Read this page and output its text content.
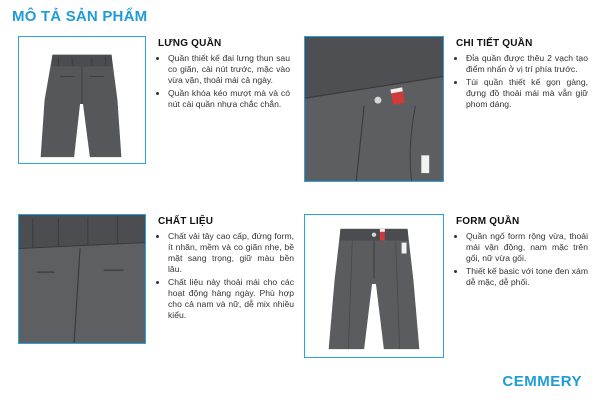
MÔ TẢ SẢN PHẨM
LƯNG QUẦN
• Quần thiết kế đai lưng thun sau co giãn, cài nút trước, mặc vào vừa vặn, thoải mái cả ngày.
• Quần khóa kéo mượt mà và có nút cài quần nhựa chắc chắn.
CHI TIẾT QUẦN
• Đỉa quần được thêu 2 vạch tạo điểm nhấn ở vị trí phía trước.
• Túi quần thiết kế gọn gàng, đựng đồ thoải mái mà vẫn giữ phom dáng.
CHẤT LIỆU
• Chất vải tây cao cấp, đứng form, ít nhăn, mềm và co giãn nhẹ, bề mặt sang trọng, giữ màu bền lâu.
• Chất liệu này thoải mái cho các hoạt động hàng ngày. Phù hợp cho cả nam và nữ, dễ mix nhiều kiểu.
FORM QUẦN
• Quần ngố form rộng vừa, thoải mái vận động, nam mặc trên gối, nữ vừa gối.
• Thiết kế basic với tone đen xám dễ mặc, dễ phối.
CEMMERY
